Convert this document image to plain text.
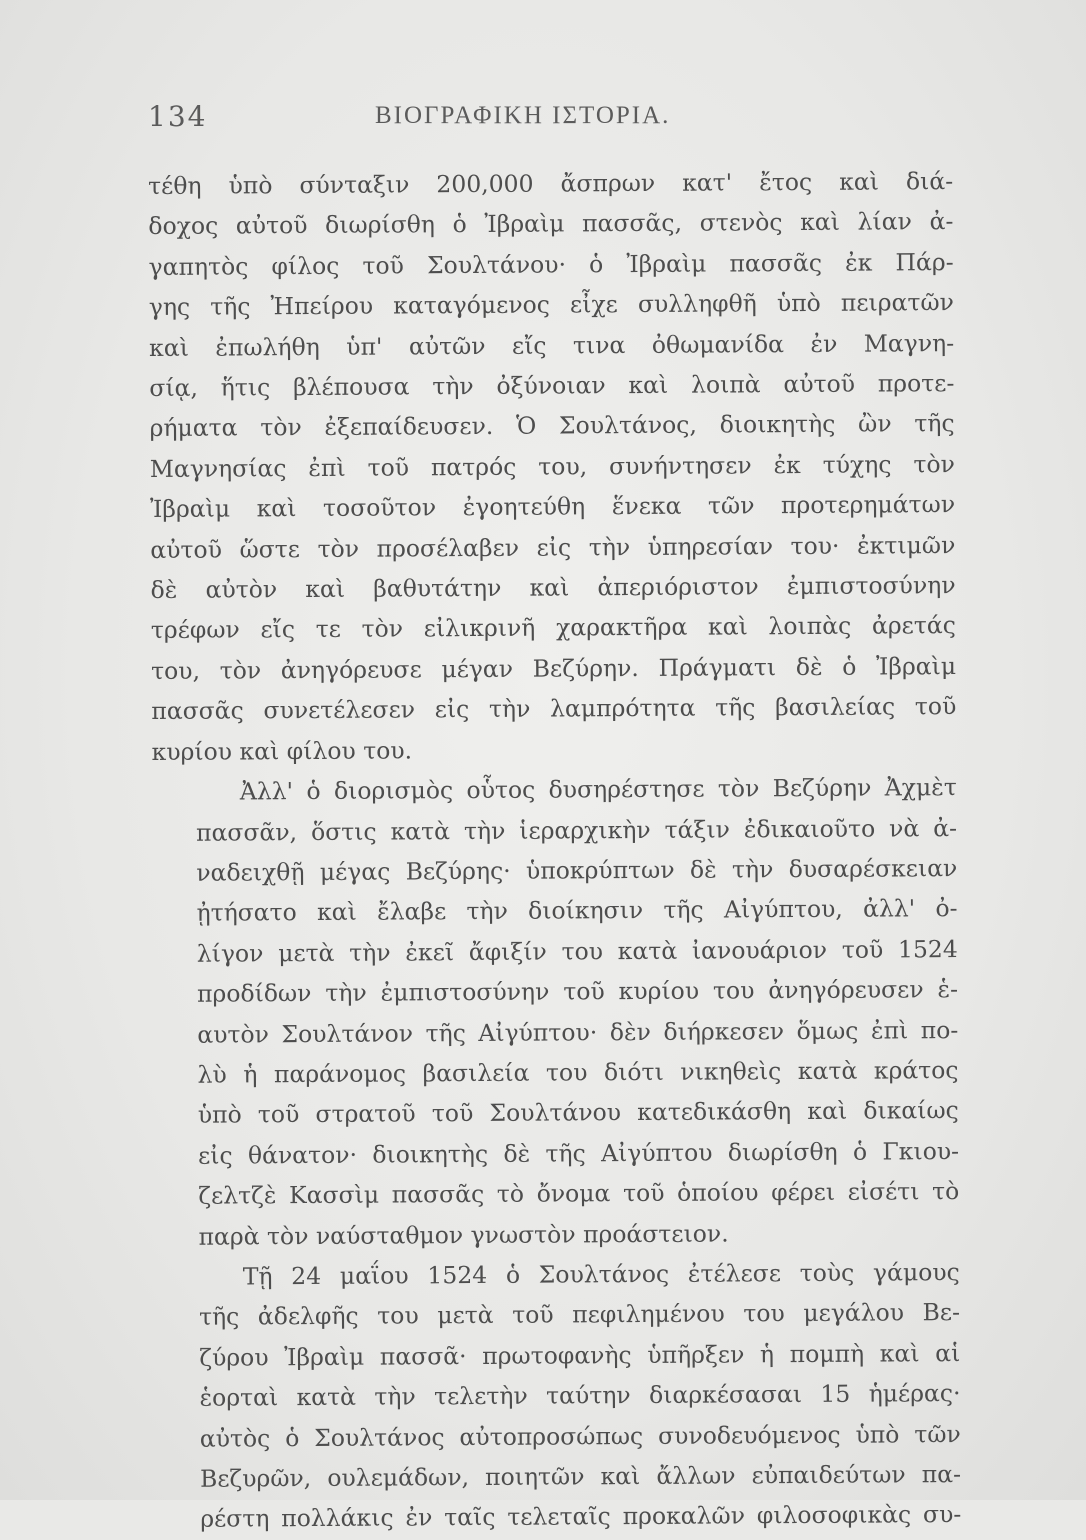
134	ΒΙΟΓΡΑΦΙΚΗ ΙΣΤΟΡΙΑ.
τέθη ὑπὸ σύνταξιν 200,000 ἄσπρων κατ' ἔτος καὶ διά-
δοχος αὐτοῦ διωρίσθη ὁ Ἰβραὶμ πασσᾶς, στενὸς καὶ λίαν ἀ-
γαπητὸς φίλος τοῦ Σουλτάνου· ὁ Ἰβραὶμ πασσᾶς ἐκ Πάρ-
γης τῆς Ἠπείρου καταγόμενος εἶχε συλληφθῆ ὑπὸ πειρατῶν
καὶ ἐπωλήθη ὑπ' αὐτῶν εἴς τινα ὀθωμανίδα ἐν Μαγνη-
σίᾳ, ἥτις βλέπουσα τὴν ὀξύνοιαν καὶ λοιπὰ αὐτοῦ προτε-
ρήματα τὸν ἐξεπαίδευσεν. Ὁ Σουλτάνος, διοικητὴς ὢν τῆς
Μαγνησίας ἐπὶ τοῦ πατρός του, συνήντησεν ἐκ τύχης τὸν
Ἰβραὶμ καὶ τοσοῦτον ἐγοητεύθη ἕνεκα τῶν προτερημάτων
αὐτοῦ ὥστε τὸν προσέλαβεν εἰς τὴν ὑπηρεσίαν του· ἐκτιμῶν
δὲ αὐτὸν καὶ βαθυτάτην καὶ ἀπεριόριστον ἐμπιστοσύνην
τρέφων εἴς τε τὸν εἰλικρινῆ χαρακτῆρα καὶ λοιπὰς ἀρετάς
του, τὸν ἀνηγόρευσε μέγαν Βεζύρην. Πράγματι δὲ ὁ Ἰβραὶμ
πασσᾶς συνετέλεσεν εἰς τὴν λαμπρότητα τῆς βασιλείας τοῦ
κυρίου καὶ φίλου του.
Ἀλλ' ὁ διορισμὸς οὗτος δυσηρέστησε τὸν Βεζύρην Ἀχμὲτ
πασσᾶν, ὅστις κατὰ τὴν ἱεραρχικὴν τάξιν ἐδικαιοῦτο νὰ ἀ-
ναδειχθῇ μέγας Βεζύρης· ὑποκρύπτων δὲ τὴν δυσαρέσκειαν
ᾐτήσατο καὶ ἔλαβε τὴν διοίκησιν τῆς Αἰγύπτου, ἀλλ' ὀ-
λίγον μετὰ τὴν ἐκεῖ ἄφιξίν του κατὰ ἰανουάριον τοῦ 1524
προδίδων τὴν ἐμπιστοσύνην τοῦ κυρίου του ἀνηγόρευσεν ἑ-
αυτὸν Σουλτάνον τῆς Αἰγύπτου· δὲν διήρκεσεν ὅμως ἐπὶ πο-
λὺ ἡ παράνομος βασιλεία του διότι νικηθεὶς κατὰ κράτος
ὑπὸ τοῦ στρατοῦ τοῦ Σουλτάνου κατεδικάσθη καὶ δικαίως
εἰς θάνατον· διοικητὴς δὲ τῆς Αἰγύπτου διωρίσθη ὁ Γκιου-
ζελτζὲ Κασσὶμ πασσᾶς τὸ ὄνομα τοῦ ὁποίου φέρει εἰσέτι τὸ
παρὰ τὸν ναύσταθμον γνωστὸν προάστειον.
Τῇ 24 μαΐου 1524 ὁ Σουλτάνος ἐτέλεσε τοὺς γάμους
τῆς ἀδελφῆς του μετὰ τοῦ πεφιλημένου του μεγάλου Βε-
ζύρου Ἰβραὶμ πασσᾶ· πρωτοφανὴς ὑπῆρξεν ἡ πομπὴ καὶ αἱ
ἑορταὶ κατὰ τὴν τελετὴν ταύτην διαρκέσασαι 15 ἡμέρας·
αὐτὸς ὁ Σουλτάνος αὐτοπροσώπως συνοδευόμενος ὑπὸ τῶν
Βεζυρῶν, ουλεμάδων, ποιητῶν καὶ ἄλλων εὐπαιδεύτων πα-
ρέστη πολλάκις ἐν ταῖς τελεταῖς προκαλῶν φιλοσοφικὰς συ-
